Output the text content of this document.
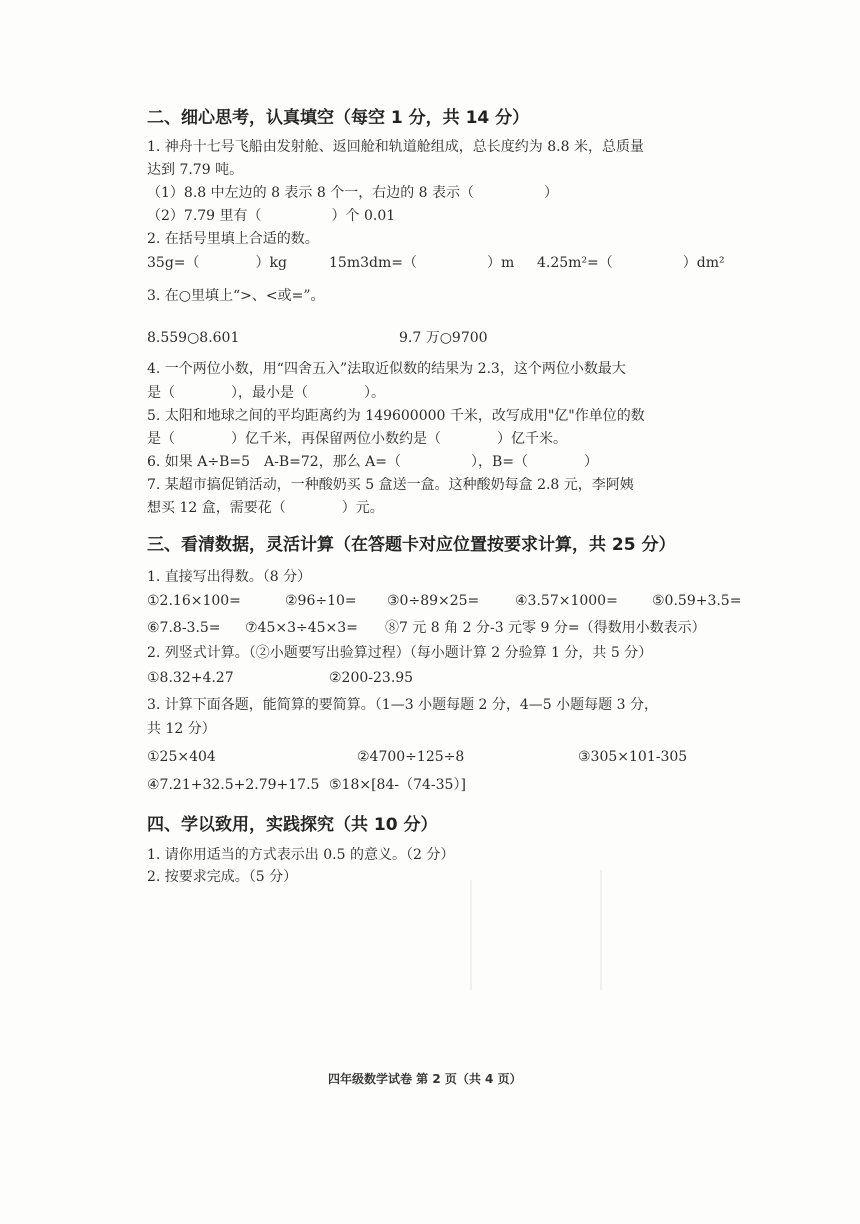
二、细心思考，认真填空（每空 1 分，共 14 分）
1. 神舟十七号飞船由发射舱、返回舱和轨道舱组成，总长度约为 8.8 米，总质量
达到 7.79 吨。
（1）8.8 中左边的 8 表示 8 个一，右边的 8 表示（　　　　　）
（2）7.79 里有（　　　　　）个 0.01
2. 在括号里填上合适的数。
35g=（　　　　）kg	15m3dm=（　　　　　）m 4.25m²=（　　　　　）dm²
3. 在○里填上“>、<或=”。
8.559○8.601	9.7 万○9700
4. 一个两位小数，用“四舍五入”法取近似数的结果为 2.3，这个两位小数最大
是（　　　　），最小是（　　　　）。
5. 太阳和地球之间的平均距离约为 149600000 千米，改写成用"亿"作单位的数
是（　　　　）亿千米，再保留两位小数约是（　　　　）亿千米。
6. 如果 A÷B=5　A-B=72，那么 A=（　　　　　），B=（　　　　）
7. 某超市搞促销活动，一种酸奶买 5 盒送一盒。这种酸奶每盒 2.8 元，李阿姨
想买 12 盒，需要花（　　　　）元。
三、看清数据，灵活计算（在答题卡对应位置按要求计算，共 25 分）
1. 直接写出得数。（8 分）
①2.16×100=	②96÷10= ③0÷89×25=	④3.57×1000= ⑤0.59+3.5=
⑥7.8-3.5= ⑦45×3÷45×3= ⑧7 元 8 角 2 分-3 元零 9 分=（得数用小数表示）
2. 列竖式计算。（②小题要写出验算过程）（每小题计算 2 分验算 1 分，共 5 分）
①8.32+4.27	②200-23.95
3. 计算下面各题，能简算的要简算。（1—3 小题每题 2 分，4—5 小题每题 3 分，
共 12 分）
①25×404	②4700÷125÷8	③305×101-305
④7.21+32.5+2.79+17.5 ⑤18×[84-（74-35）]
四、学以致用，实践探究（共 10 分）
1. 请你用适当的方式表示出 0.5 的意义。（2 分）
2. 按要求完成。（5 分）
四年级数学试卷 第 2 页（共 4 页）
